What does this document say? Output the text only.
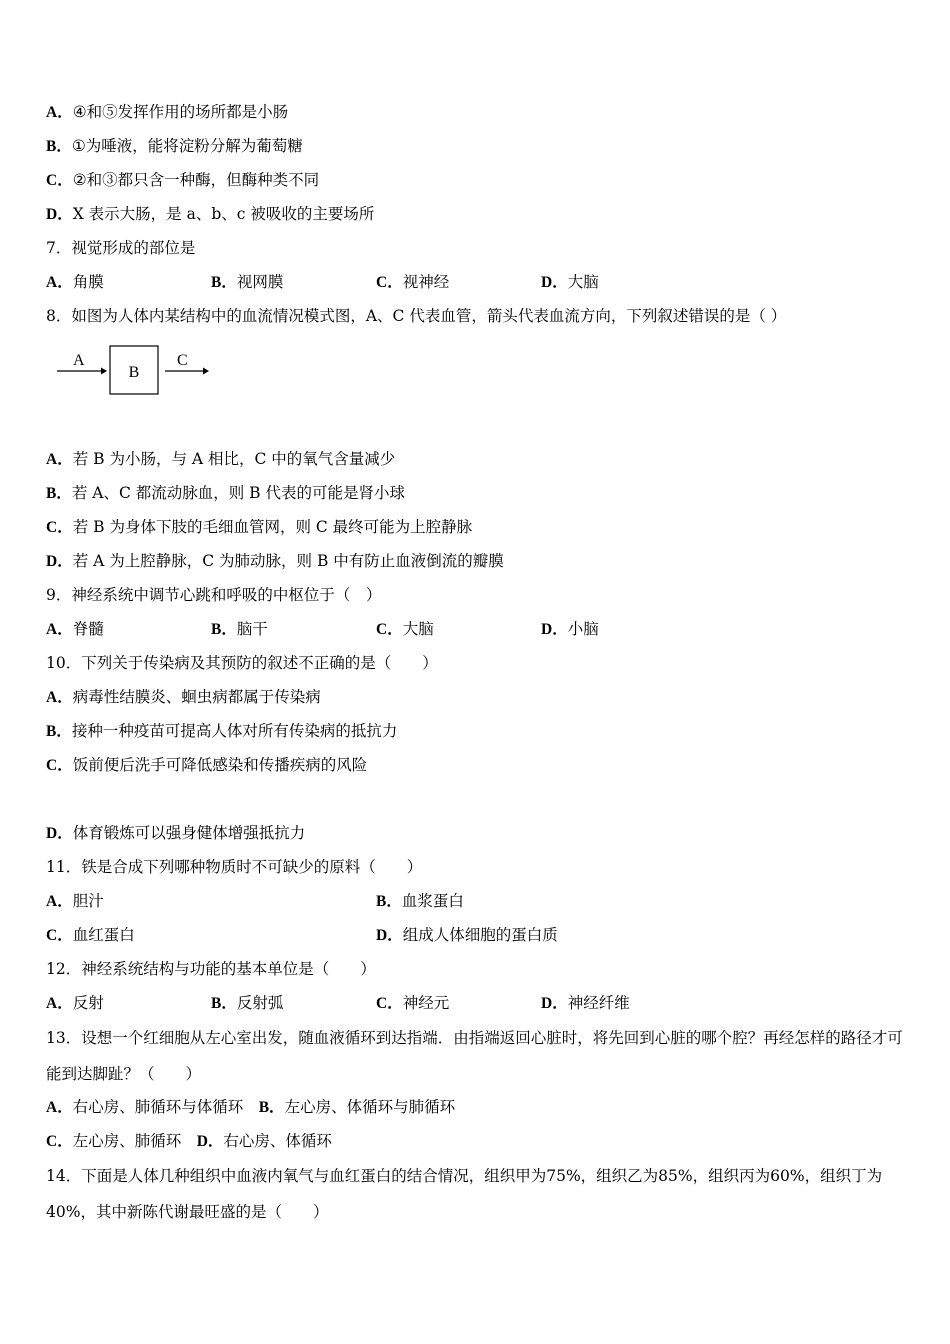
A．④和⑤发挥作用的场所都是小肠
B．①为唾液，能将淀粉分解为葡萄糖
C．②和③都只含一种酶，但酶种类不同
D．X 表示大肠，是 a、b、c 被吸收的主要场所
7．视觉形成的部位是
A．角膜	B．视网膜	C．视神经	D．大脑
8．如图为人体内某结构中的血流情况模式图，A、C 代表血管，箭头代表血流方向，下列叙述错误的是（ ）
A
B
C
A．若 B 为小肠，与 A 相比，C 中的氧气含量减少
B．若 A、C 都流动脉血，则 B 代表的可能是肾小球
C．若 B 为身体下肢的毛细血管网，则 C 最终可能为上腔静脉
D．若 A 为上腔静脉，C 为肺动脉，则 B 中有防止血液倒流的瓣膜
9．神经系统中调节心跳和呼吸的中枢位于（　）
A．脊髓	B．脑干	C．大脑	D．小脑
10．下列关于传染病及其预防的叙述不正确的是（　　）
A．病毒性结膜炎、蛔虫病都属于传染病
B．接种一种疫苗可提高人体对所有传染病的抵抗力
C．饭前便后洗手可降低感染和传播疾病的风险
D．体育锻炼可以强身健体增强抵抗力
11．铁是合成下列哪种物质时不可缺少的原料（　　）
A．胆汁	B．血浆蛋白
C．血红蛋白	D．组成人体细胞的蛋白质
12．神经系统结构与功能的基本单位是（　　）
A．反射	B．反射弧	C．神经元	D．神经纤维
13．设想一个红细胞从左心室出发，随血液循环到达指端．由指端返回心脏时，将先回到心脏的哪个腔？再经怎样的路径才可能到达脚趾？（　　）
A．右心房、肺循环与体循环　B．左心房、体循环与肺循环
C．左心房、肺循环　D．右心房、体循环
14．下面是人体几种组织中血液内氧气与血红蛋白的结合情况，组织甲为75%，组织乙为85%，组织丙为60%，组织丁为40%，其中新陈代谢最旺盛的是（　　）
